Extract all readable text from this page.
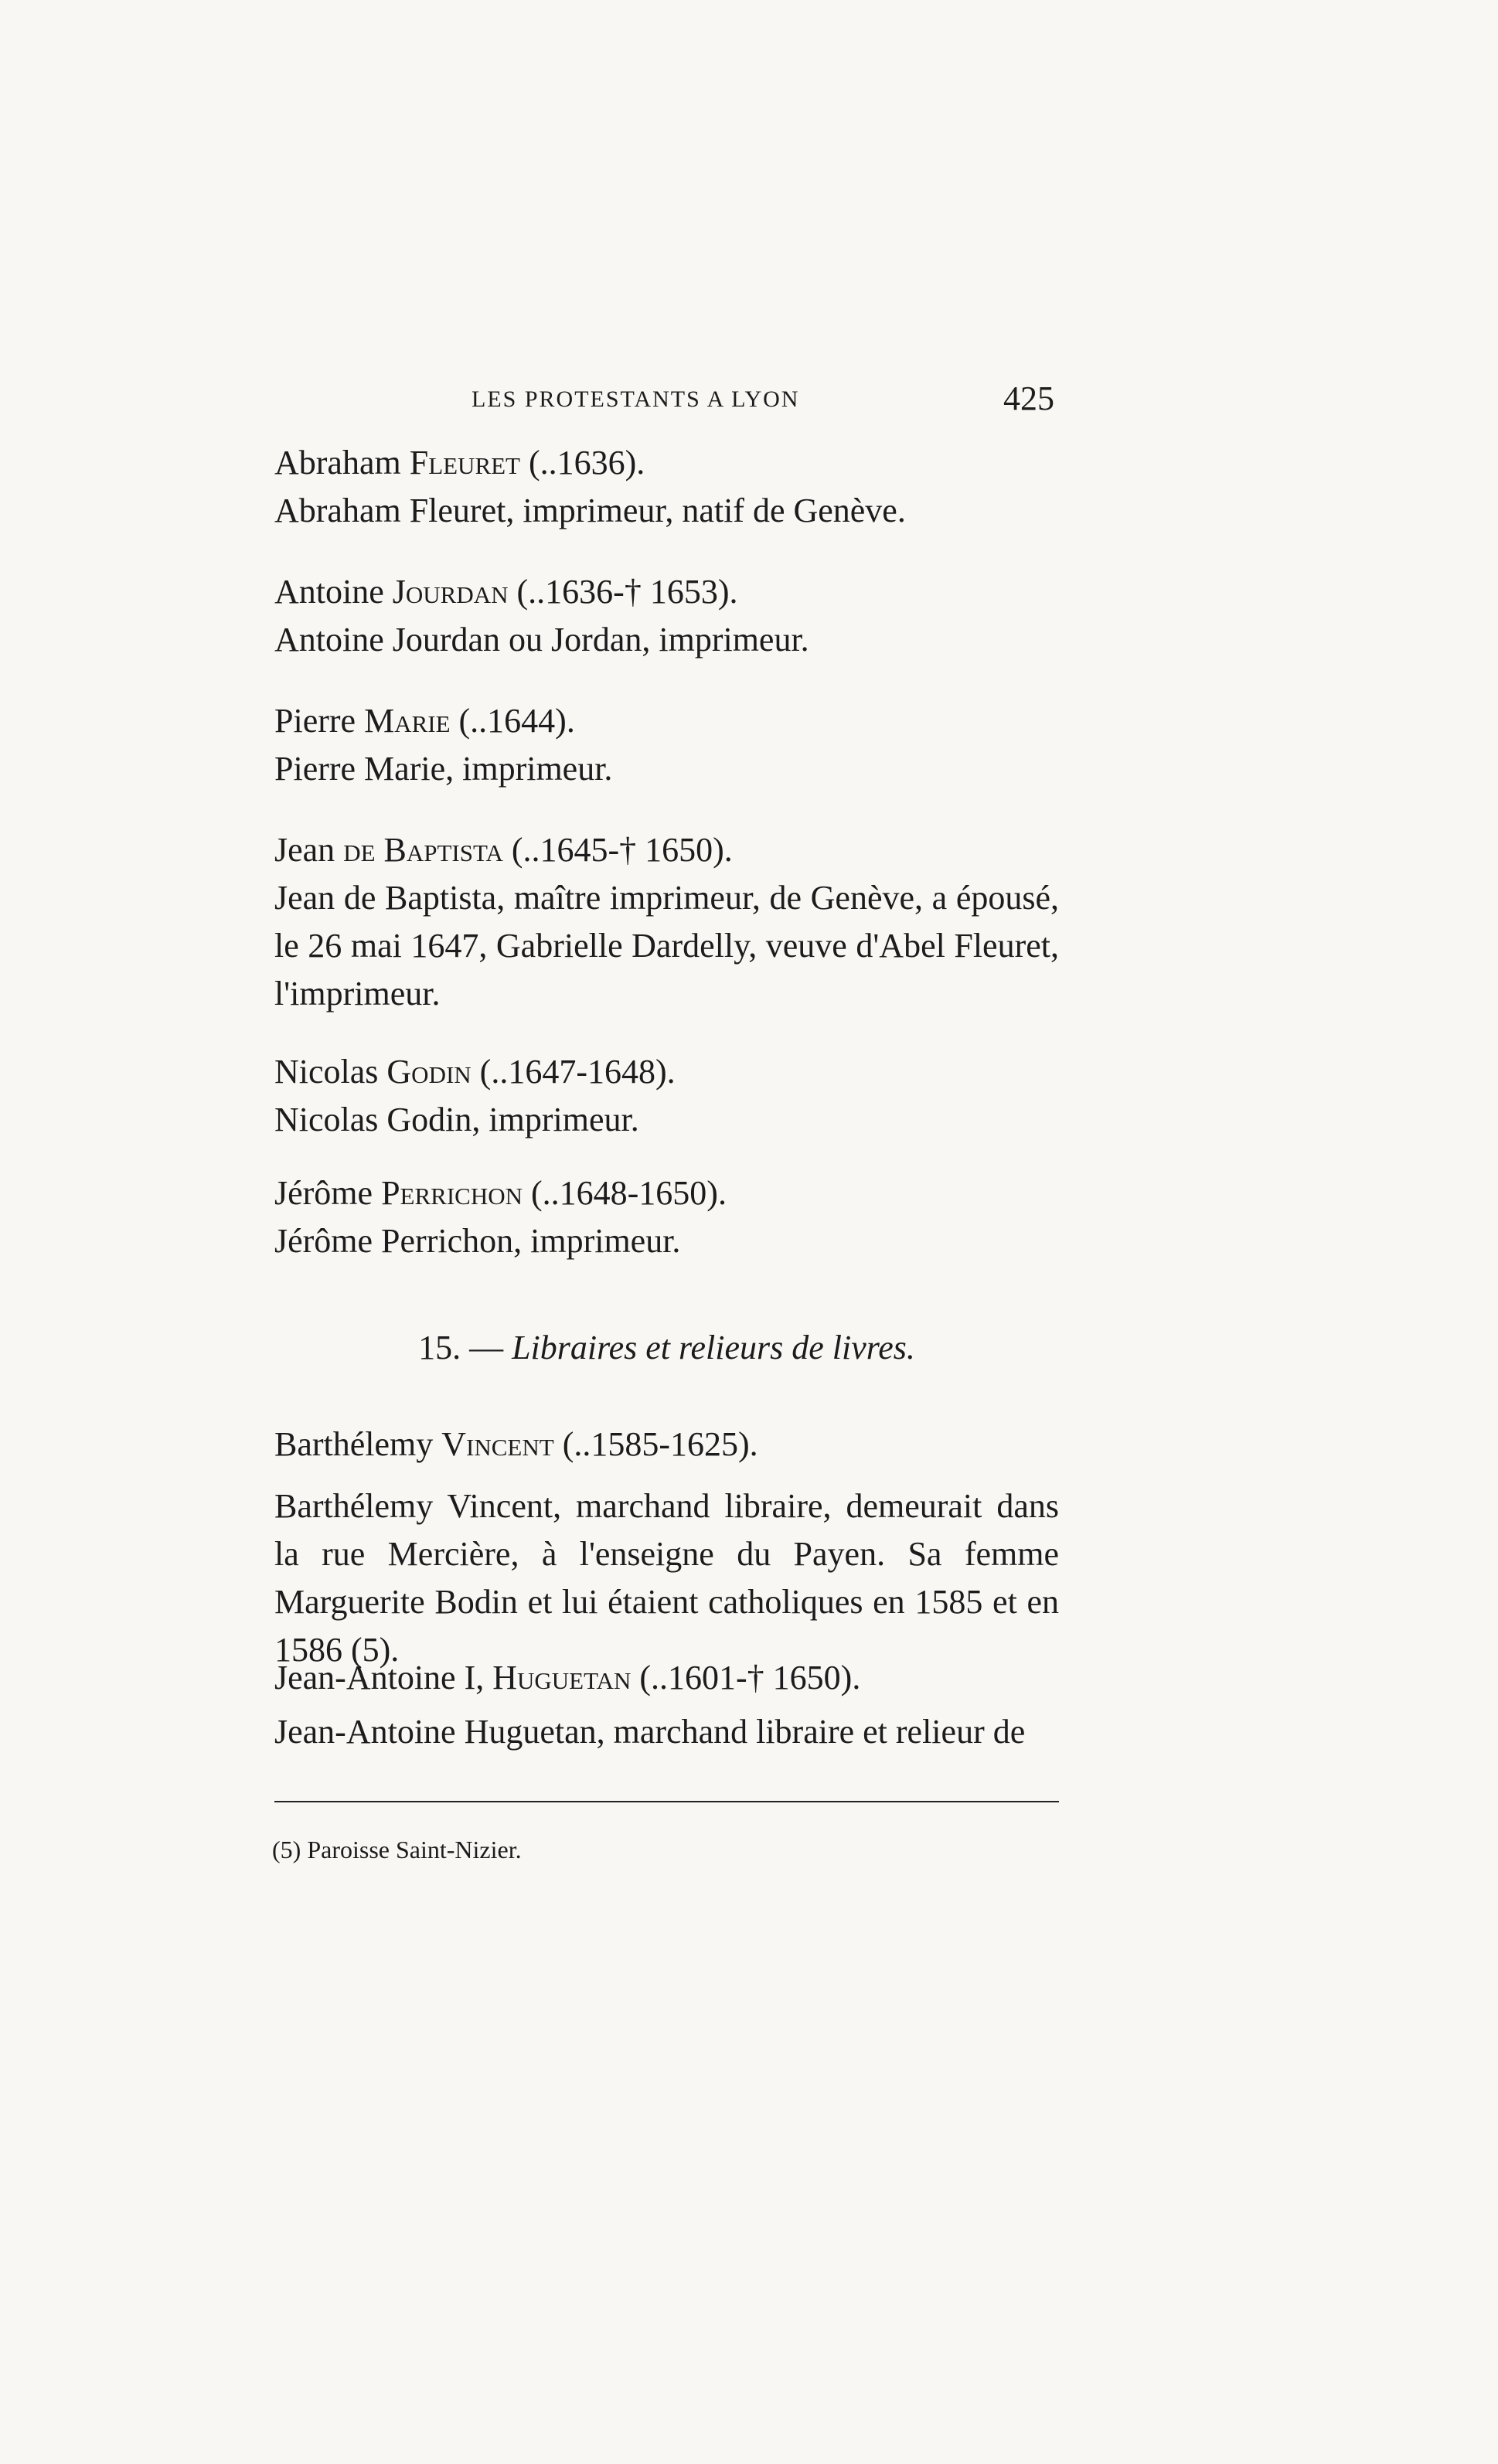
LES PROTESTANTS A LYON	425
Abraham Fleuret (..1636).
Abraham Fleuret, imprimeur, natif de Genève.
Antoine Jourdan (..1636-† 1653).
Antoine Jourdan ou Jordan, imprimeur.
Pierre Marie (..1644).
Pierre Marie, imprimeur.
Jean de Baptista (..1645-† 1650).
Jean de Baptista, maître imprimeur, de Genève, a épousé, le 26 mai 1647, Gabrielle Dardelly, veuve d'Abel Fleuret, l'imprimeur.
Nicolas Godin (..1647-1648).
Nicolas Godin, imprimeur.
Jérôme Perrichon (..1648-1650).
Jérôme Perrichon, imprimeur.
15. — Libraires et relieurs de livres.
Barthélemy Vincent (..1585-1625).
Barthélemy Vincent, marchand libraire, demeurait dans la rue Mercière, à l'enseigne du Payen. Sa femme Marguerite Bodin et lui étaient catholiques en 1585 et en 1586 (5).
Jean-Antoine I, Huguetan (..1601-† 1650).
Jean-Antoine Huguetan, marchand libraire et relieur de
(5) Paroisse Saint-Nizier.
